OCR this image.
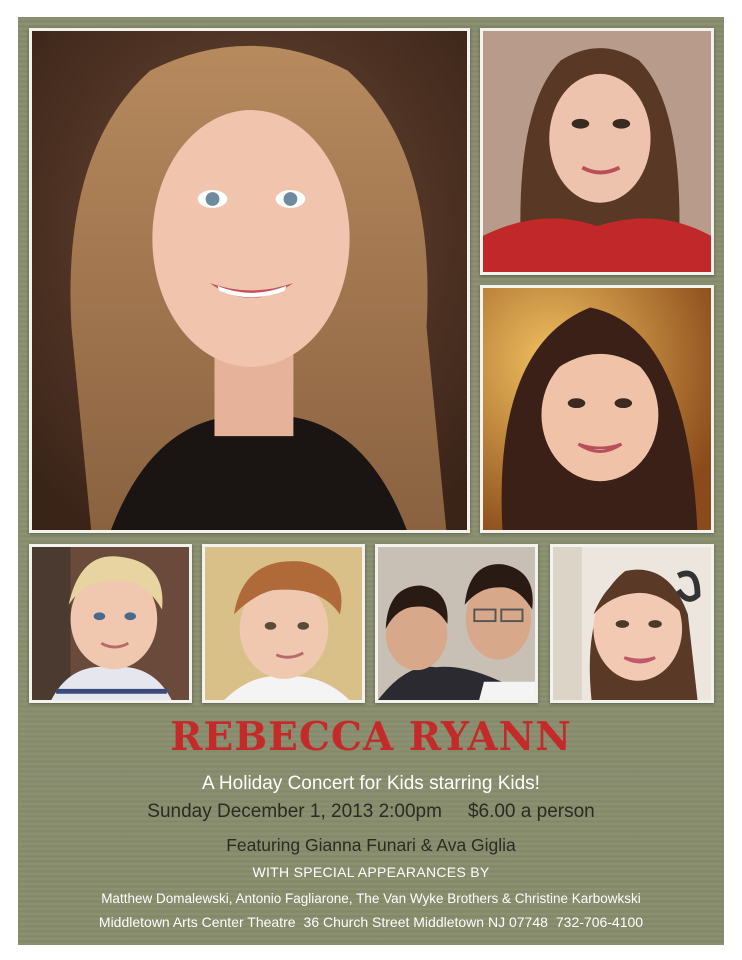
REBECCA RYANN

A Holiday Concert for Kids starring Kids!

Sunday December 1, 2013 2:00pm $6.00 a person

Featuring Gianna Funari & Ava Giglia

WITH SPECIAL APPEARANCES BY

Matthew Domalewski, Antonio Fagliarone, The Van Wyke Brothers & Christine Karbowkski

Middletown Arts Center Theatre 36 Church Street Middletown NJ 07748 732-706-4100
